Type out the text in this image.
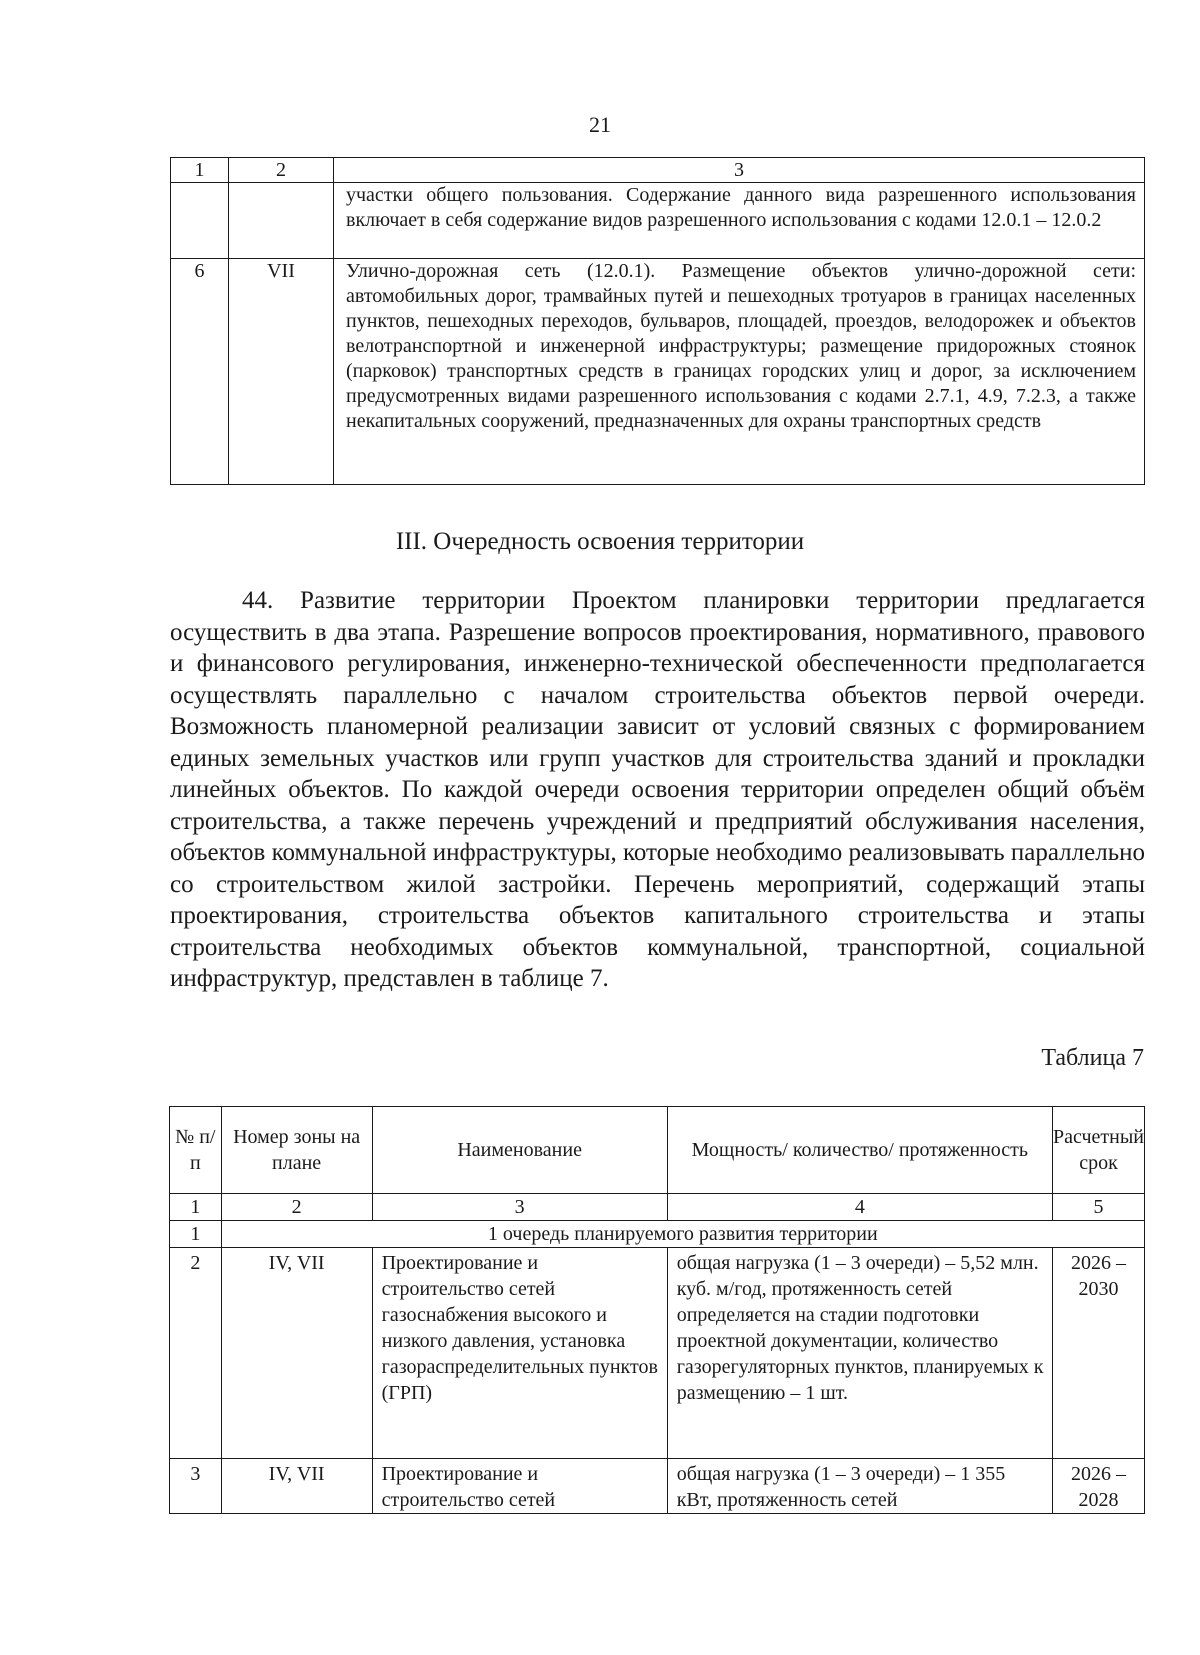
21
1	2	3

		участки общего пользования. Содержание данного вида разрешенного использования включает в себя содержание видов разрешенного использования с кодами 12.0.1 – 12.0.2

6	VII	Улично-дорожная сеть (12.0.1). Размещение объектов улично-дорожной сети: автомобильных дорог, трамвайных путей и пешеходных тротуаров в границах населенных пунктов, пешеходных переходов, бульваров, площадей, проездов, велодорожек и объектов велотранспортной и инженерной инфраструктуры; размещение придорожных стоянок (парковок) транспортных средств в границах городских улиц и дорог, за исключением предусмотренных видами разрешенного использования с кодами 2.7.1, 4.9, 7.2.3, а также некапитальных сооружений, предназначенных для охраны транспортных средств
III. Очередность освоения территории

44. Развитие территории Проектом планировки территории предлагается осуществить в два этапа. Разрешение вопросов проектирования, нормативного, правового и финансового регулирования, инженерно-технической обеспеченности предполагается осуществлять параллельно с началом строительства объектов первой очереди. Возможность планомерной реализации зависит от условий связных с формированием единых земельных участков или групп участков для строительства зданий и прокладки линейных объектов. По каждой очереди освоения территории определен общий объём строительства, а также перечень учреждений и предприятий обслуживания населения, объектов коммунальной инфраструктуры, которые необходимо реализовывать параллельно со строительством жилой застройки. Перечень мероприятий, содержащий этапы проектирования, строительства объектов капитального строительства и этапы строительства необходимых объектов коммунальной, транспортной, социальной инфраструктур, представлен в таблице 7.

Таблица 7
№ п/п	Номер зоны на плане	Наименование	Мощность/ количество/ протяженность	Расчетный срок
1	2	3	4	5
1	1 очередь планируемого развития территории			
2	IV, VII	Проектирование и строительство сетей газоснабжения высокого и низкого давления, установка газораспределительных пунктов (ГРП)	общая нагрузка (1 – 3 очереди) – 5,52 млн. куб. м/год, протяженность сетей определяется на стадии подготовки проектной документации, количество газорегуляторных пунктов, планируемых к размещению – 1 шт.	2026 – 2030
3	IV, VII	Проектирование и строительство сетей	общая нагрузка (1 – 3 очереди) – 1 355 кВт, протяженность сетей	2026 – 2028
